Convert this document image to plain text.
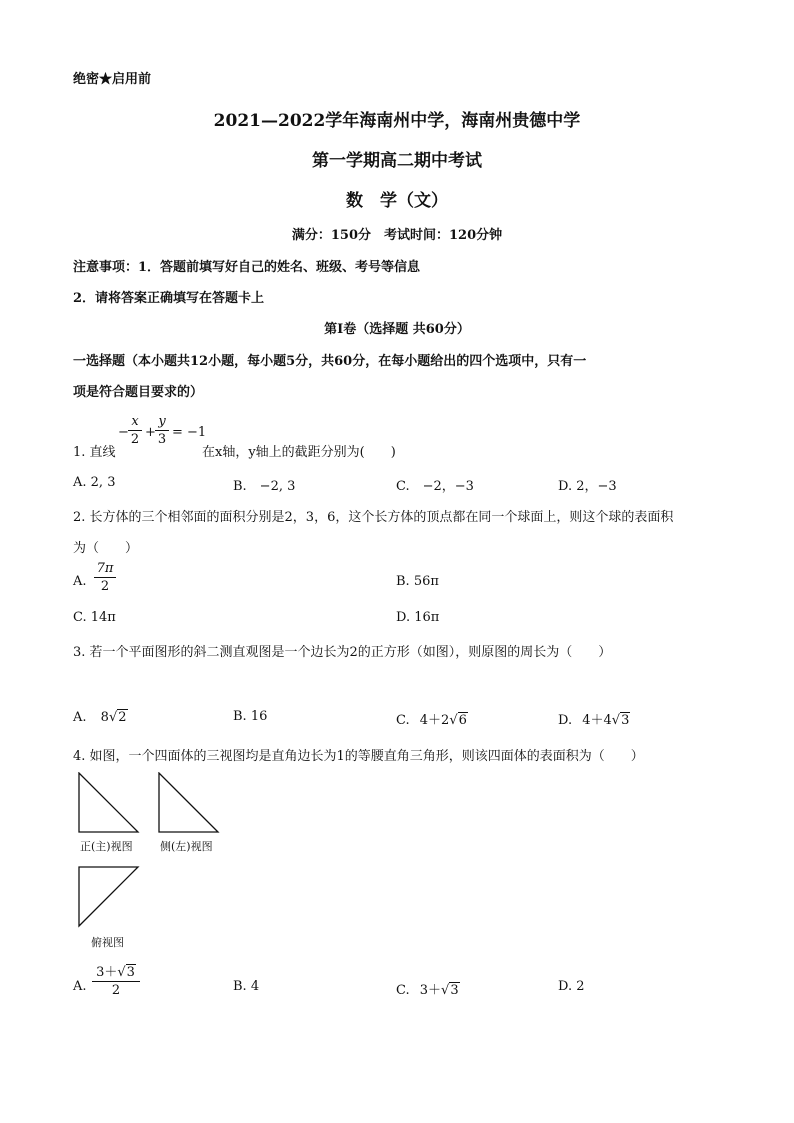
绝密★启用前
2021—2022学年海南州中学，海南州贵德中学
第一学期高二期中考试
数　学（文）
满分：150分　考试时间：120分钟
注意事项：1．答题前填写好自己的姓名、班级、考号等信息
2．请将答案正确填写在答题卡上
第Ⅰ卷（选择题 共60分）
一选择题（本小题共12小题，每小题5分，共60分，在每小题给出的四个选项中，只有一
项是符合题目要求的）
1. 直线
−
x
2 +
y
3 = −1
在x轴，y轴上的截距分别为(　　)
A. 2, 3	B.　−2, 3	C.　−2，−3	D. 2，−3
2. 长方体的三个相邻面的面积分别是2，3，6，这个长方体的顶点都在同一个球面上，则这个球的表面积
为（　　）
A.
7π
2	B. 56π
C. 14π	D. 16π
3. 若一个平面图形的斜二测直观图是一个边长为2的正方形（如图），则原图的周长为（　　）
A. 8√2	B. 16	C. 4＋2√6	D. 4＋4√3
4. 如图，一个四面体的三视图均是直角边长为1的等腰直角三角形，则该四面体的表面积为（　　）
正(主)视图 侧(左)视图
俯视图
A.
3＋√3
2	B. 4	C. 3＋√3	D. 2
